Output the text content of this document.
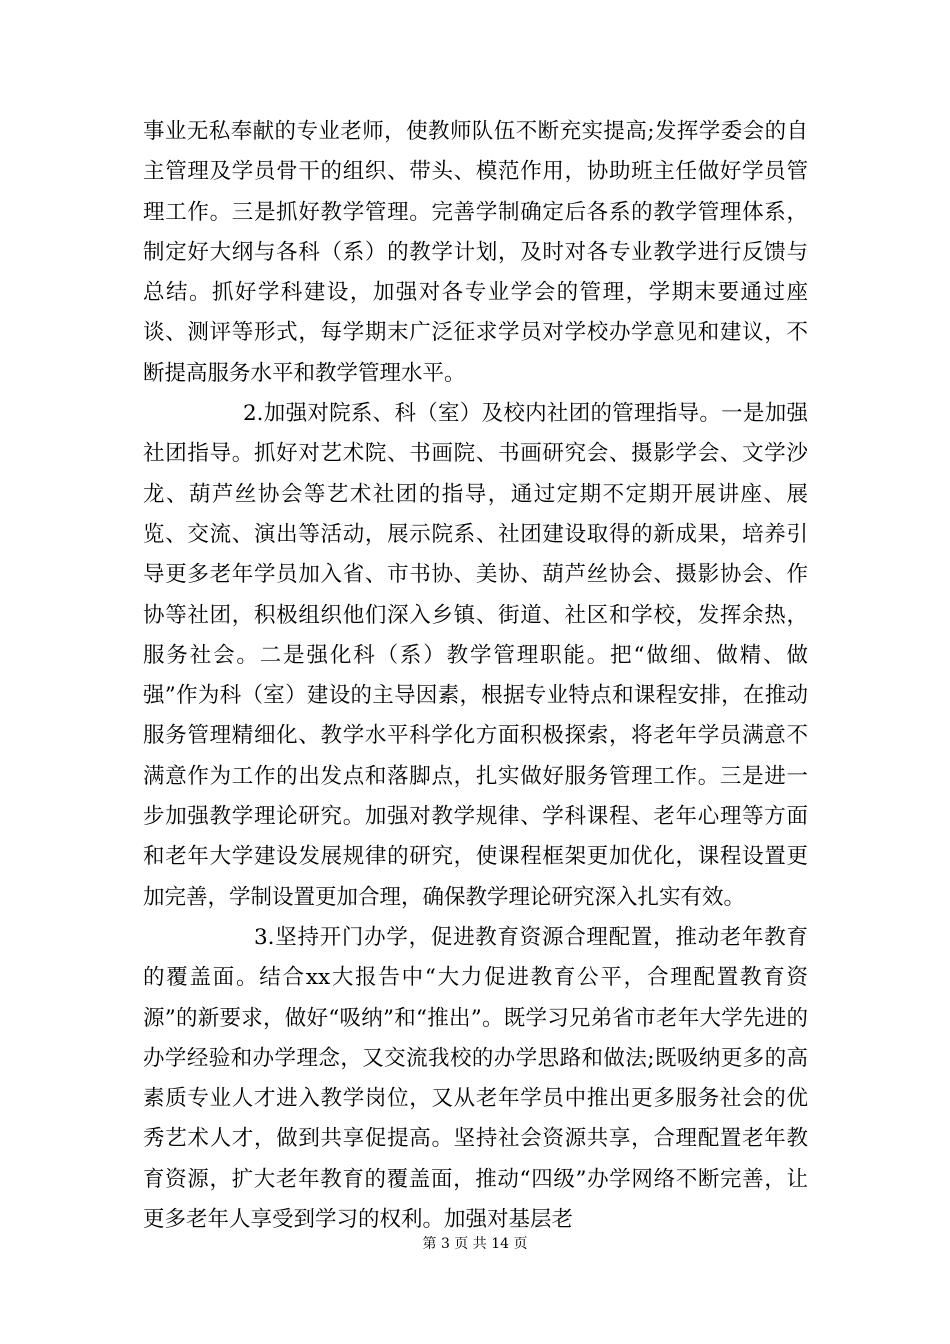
事业无私奉献的专业老师，使教师队伍不断充实提高;发挥学委会的自主管理及学员骨干的组织、带头、模范作用，协助班主任做好学员管理工作。三是抓好教学管理。完善学制确定后各系的教学管理体系，制定好大纲与各科（系）的教学计划，及时对各专业教学进行反馈与总结。抓好学科建设，加强对各专业学会的管理，学期末要通过座谈、测评等形式，每学期末广泛征求学员对学校办学意见和建议，不断提高服务水平和教学管理水平。

2.加强对院系、科（室）及校内社团的管理指导。一是加强社团指导。抓好对艺术院、书画院、书画研究会、摄影学会、文学沙龙、葫芦丝协会等艺术社团的指导，通过定期不定期开展讲座、展览、交流、演出等活动，展示院系、社团建设取得的新成果，培养引导更多老年学员加入省、市书协、美协、葫芦丝协会、摄影协会、作协等社团，积极组织他们深入乡镇、街道、社区和学校，发挥余热，服务社会。二是强化科（系）教学管理职能。把“做细、做精、做强”作为科（室）建设的主导因素，根据专业特点和课程安排，在推动服务管理精细化、教学水平科学化方面积极探索，将老年学员满意不满意作为工作的出发点和落脚点，扎实做好服务管理工作。三是进一步加强教学理论研究。加强对教学规律、学科课程、老年心理等方面和老年大学建设发展规律的研究，使课程框架更加优化，课程设置更加完善，学制设置更加合理，确保教学理论研究深入扎实有效。

3.坚持开门办学，促进教育资源合理配置，推动老年教育的覆盖面。结合xx大报告中“大力促进教育公平，合理配置教育资源”的新要求，做好“吸纳”和“推出”。既学习兄弟省市老年大学先进的办学经验和办学理念，又交流我校的办学思路和做法;既吸纳更多的高素质专业人才进入教学岗位，又从老年学员中推出更多服务社会的优秀艺术人才，做到共享促提高。坚持社会资源共享，合理配置老年教育资源，扩大老年教育的覆盖面，推动“四级”办学网络不断完善，让更多老年人享受到学习的权利。加强对基层老

第 3 页 共 14 页
